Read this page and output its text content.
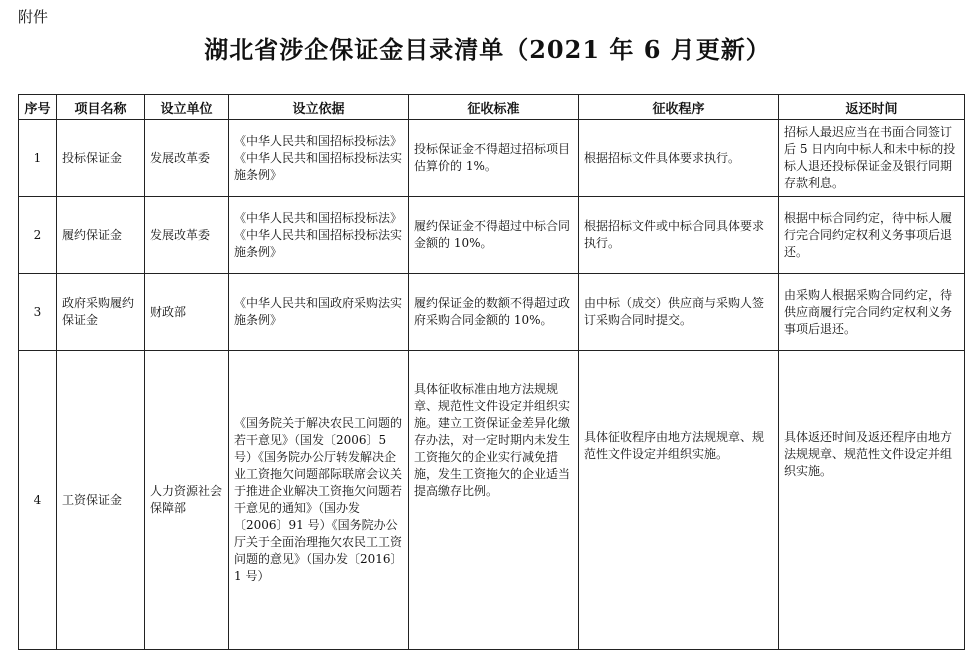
附件
湖北省涉企保证金目录清单（2021 年 6 月更新）
序号	项目名称	设立单位	设立依据	征收标准	征收程序	返还时间
1	投标保证金	发展改革委	《中华人民共和国招标投标法》《中华人民共和国招标投标法实施条例》	投标保证金不得超过招标项目估算价的 1%。	根据招标文件具体要求执行。	招标人最迟应当在书面合同签订后 5 日内向中标人和未中标的投标人退还投标保证金及银行同期存款利息。
2	履约保证金	发展改革委	《中华人民共和国招标投标法》《中华人民共和国招标投标法实施条例》	履约保证金不得超过中标合同金额的 10%。	根据招标文件或中标合同具体要求执行。	根据中标合同约定，待中标人履行完合同约定权利义务事项后退还。
3	政府采购履约保证金	财政部	《中华人民共和国政府采购法实施条例》	履约保证金的数额不得超过政府采购合同金额的 10%。	由中标（成交）供应商与采购人签订采购合同时提交。	由采购人根据采购合同约定，待供应商履行完合同约定权利义务事项后退还。
4	工资保证金	人力资源社会保障部	《国务院关于解决农民工问题的若干意见》（国发〔2006〕5 号）《国务院办公厅转发解决企业工资拖欠问题部际联席会议关于推进企业解决工资拖欠问题若干意见的通知》（国办发〔2006〕91 号）《国务院办公厅关于全面治理拖欠农民工工资问题的意见》（国办发〔2016〕1 号）	具体征收标准由地方法规规章、规范性文件设定并组织实施。建立工资保证金差异化缴存办法，对一定时期内未发生工资拖欠的企业实行减免措施，发生工资拖欠的企业适当提高缴存比例。	具体征收程序由地方法规规章、规范性文件设定并组织实施。	具体返还时间及返还程序由地方法规规章、规范性文件设定并组织实施。
